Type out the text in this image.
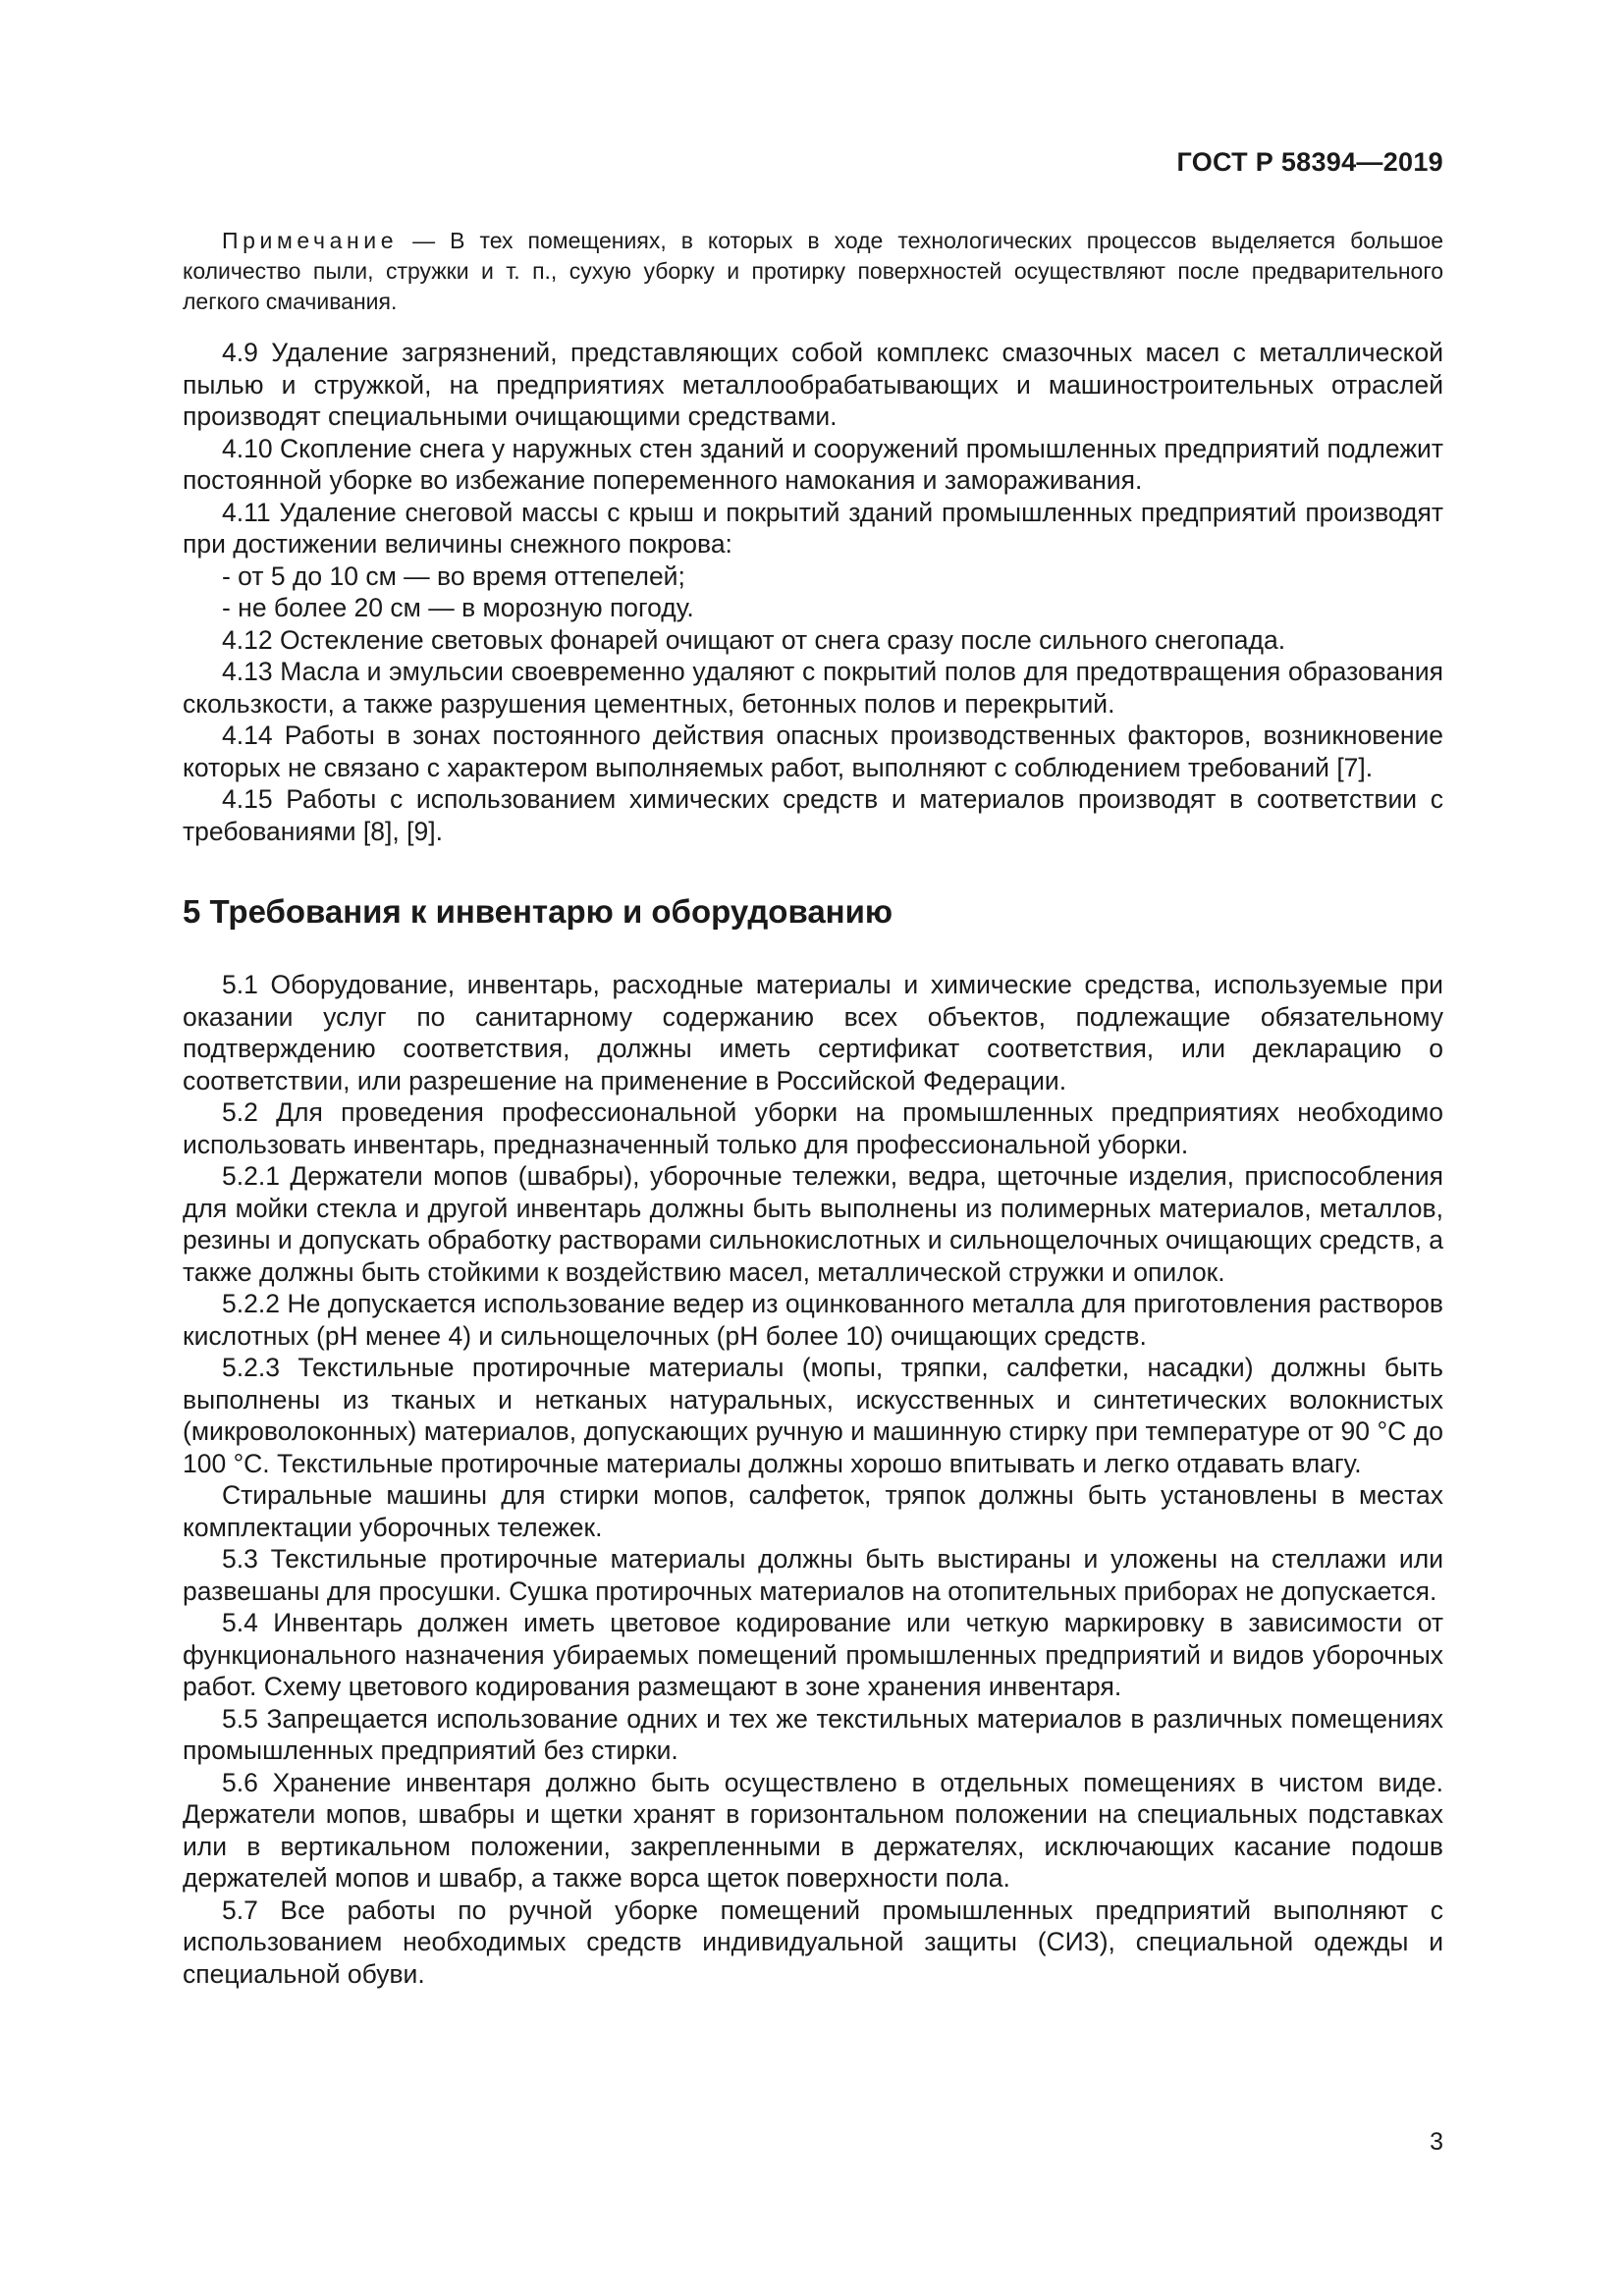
ГОСТ Р 58394—2019

Примечание — В тех помещениях, в которых в ходе технологических процессов выделяется большое количество пыли, стружки и т. п., сухую уборку и протирку поверхностей осуществляют после предварительного легкого смачивания.

4.9 Удаление загрязнений, представляющих собой комплекс смазочных масел с металлической пылью и стружкой, на предприятиях металлообрабатывающих и машиностроительных отраслей производят специальными очищающими средствами.

4.10 Скопление снега у наружных стен зданий и сооружений промышленных предприятий подлежит постоянной уборке во избежание попеременного намокания и замораживания.

4.11 Удаление снеговой массы с крыш и покрытий зданий промышленных предприятий производят при достижении величины снежного покрова:

- от 5 до 10 см — во время оттепелей;

- не более 20 см — в морозную погоду.

4.12 Остекление световых фонарей очищают от снега сразу после сильного снегопада.

4.13 Масла и эмульсии своевременно удаляют с покрытий полов для предотвращения образования скользкости, а также разрушения цементных, бетонных полов и перекрытий.

4.14 Работы в зонах постоянного действия опасных производственных факторов, возникновение которых не связано с характером выполняемых работ, выполняют с соблюдением требований [7].

4.15 Работы с использованием химических средств и материалов производят в соответствии с требованиями [8], [9].

5 Требования к инвентарю и оборудованию

5.1 Оборудование, инвентарь, расходные материалы и химические средства, используемые при оказании услуг по санитарному содержанию всех объектов, подлежащие обязательному подтверждению соответствия, должны иметь сертификат соответствия, или декларацию о соответствии, или разрешение на применение в Российской Федерации.

5.2 Для проведения профессиональной уборки на промышленных предприятиях необходимо использовать инвентарь, предназначенный только для профессиональной уборки.

5.2.1 Держатели мопов (швабры), уборочные тележки, ведра, щеточные изделия, приспособления для мойки стекла и другой инвентарь должны быть выполнены из полимерных материалов, металлов, резины и допускать обработку растворами сильнокислотных и сильнощелочных очищающих средств, а также должны быть стойкими к воздействию масел, металлической стружки и опилок.

5.2.2 Не допускается использование ведер из оцинкованного металла для приготовления растворов кислотных (рН менее 4) и сильнощелочных (рН более 10) очищающих средств.

5.2.3 Текстильные протирочные материалы (мопы, тряпки, салфетки, насадки) должны быть выполнены из тканых и нетканых натуральных, искусственных и синтетических волокнистых (микроволоконных) материалов, допускающих ручную и машинную стирку при температуре от 90 °С до 100 °С. Текстильные протирочные материалы должны хорошо впитывать и легко отдавать влагу.

Стиральные машины для стирки мопов, салфеток, тряпок должны быть установлены в местах комплектации уборочных тележек.

5.3 Текстильные протирочные материалы должны быть выстираны и уложены на стеллажи или развешаны для просушки. Сушка протирочных материалов на отопительных приборах не допускается.

5.4 Инвентарь должен иметь цветовое кодирование или четкую маркировку в зависимости от функционального назначения убираемых помещений промышленных предприятий и видов уборочных работ. Схему цветового кодирования размещают в зоне хранения инвентаря.

5.5 Запрещается использование одних и тех же текстильных материалов в различных помещениях промышленных предприятий без стирки.

5.6 Хранение инвентаря должно быть осуществлено в отдельных помещениях в чистом виде. Держатели мопов, швабры и щетки хранят в горизонтальном положении на специальных подставках или в вертикальном положении, закрепленными в держателях, исключающих касание подошв держателей мопов и швабр, а также ворса щеток поверхности пола.

5.7 Все работы по ручной уборке помещений промышленных предприятий выполняют с использованием необходимых средств индивидуальной защиты (СИЗ), специальной одежды и специальной обуви.

3
